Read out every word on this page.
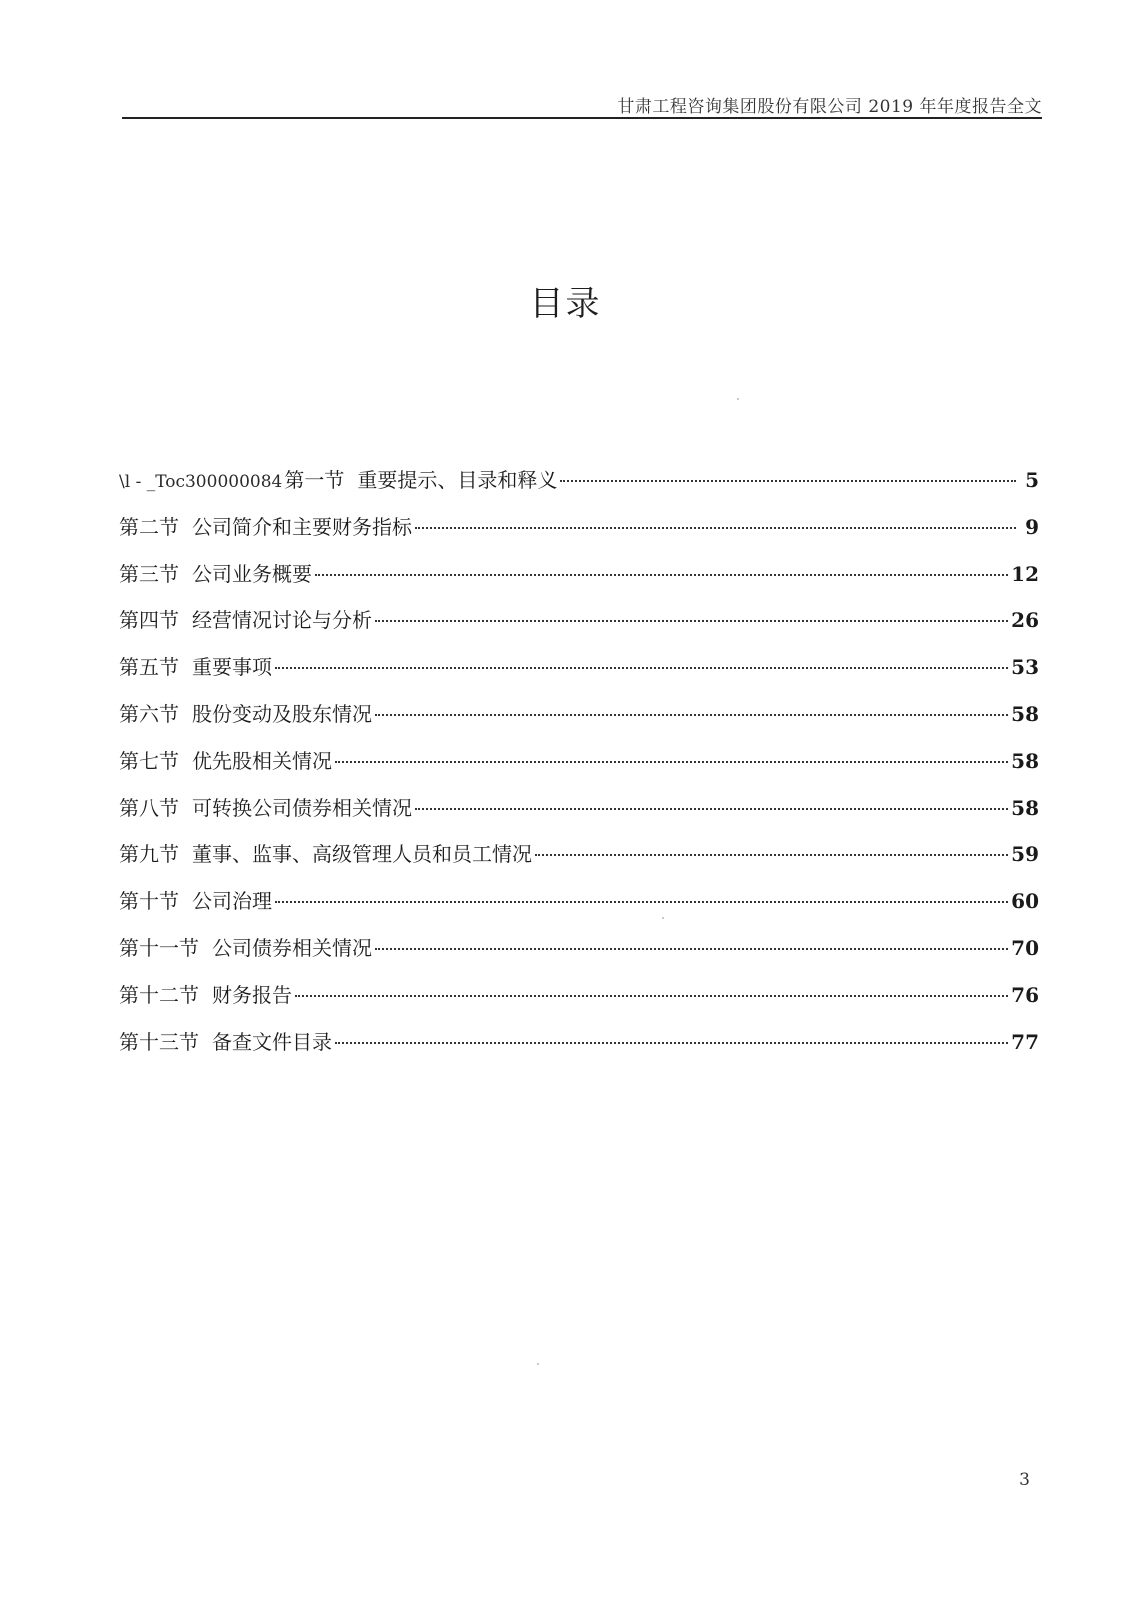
甘肃工程咨询集团股份有限公司 2019 年年度报告全文
目录
\l - _Toc300000084 第一节 重要提示、目录和释义	5
第二节 公司简介和主要财务指标	9
第三节 公司业务概要	12
第四节 经营情况讨论与分析	26
第五节 重要事项	53
第六节 股份变动及股东情况	58
第七节 优先股相关情况	58
第八节 可转换公司债券相关情况	58
第九节 董事、监事、高级管理人员和员工情况	59
第十节 公司治理	60
第十一节 公司债券相关情况	70
第十二节 财务报告	76
第十三节 备查文件目录	77
3
